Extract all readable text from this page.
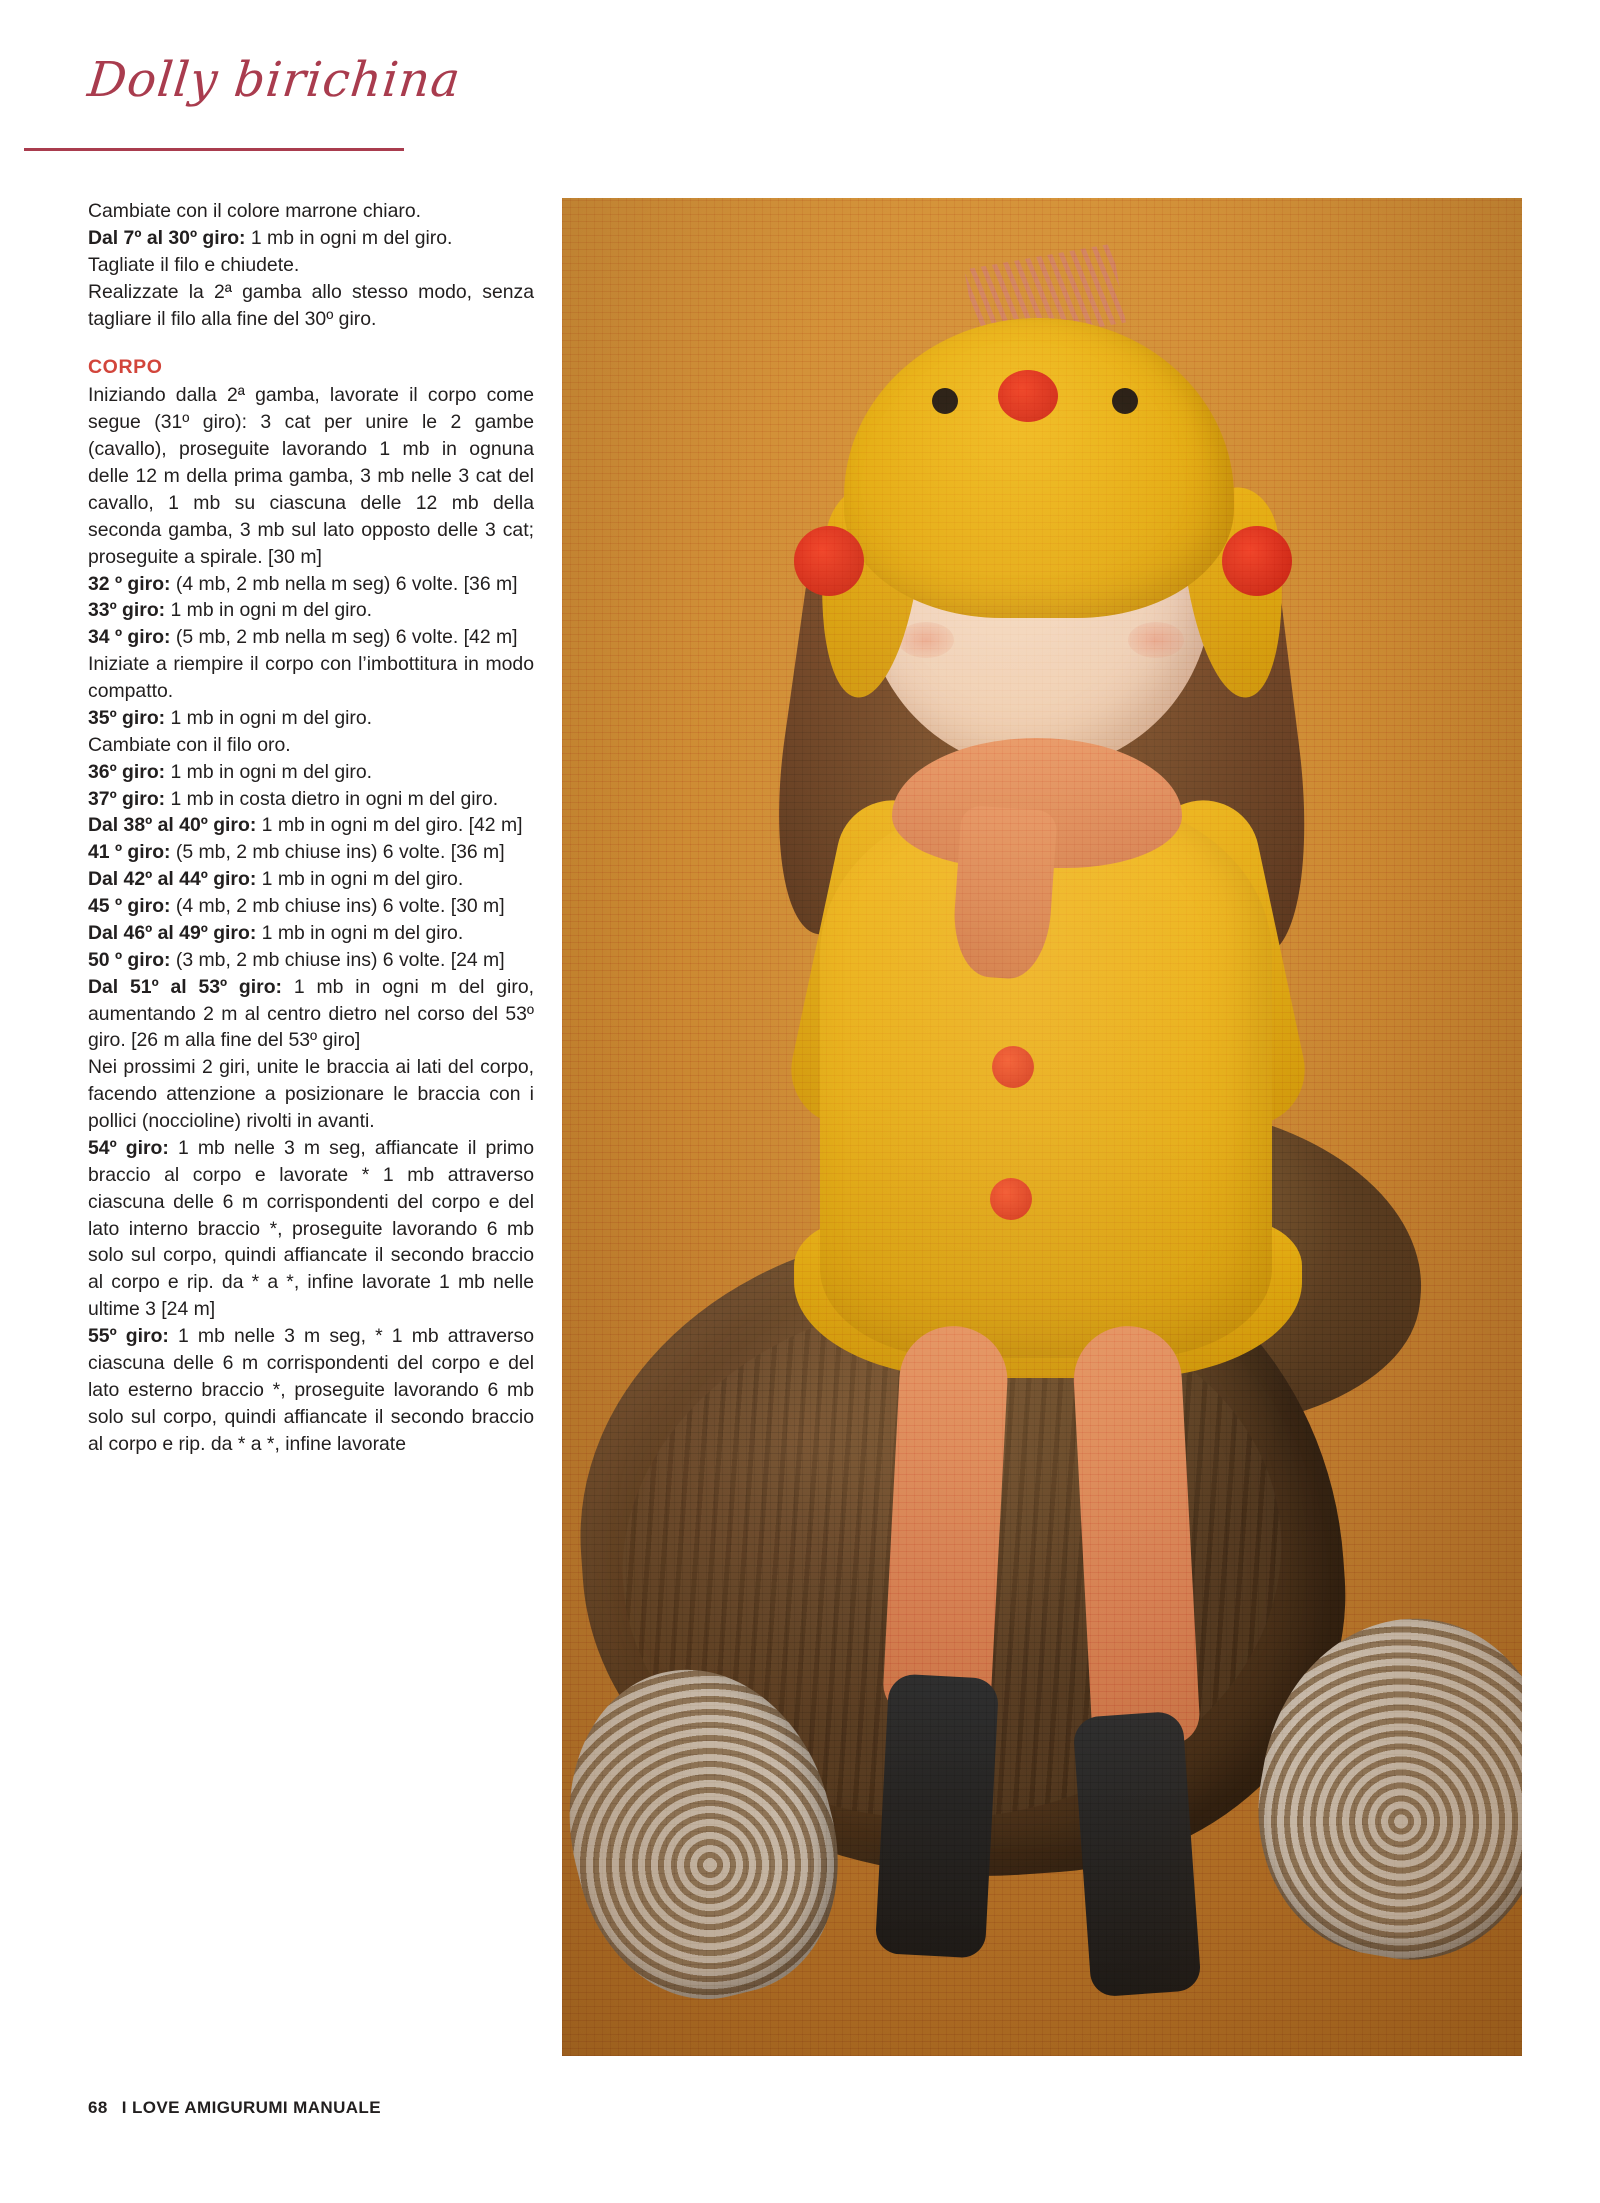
Dolly birichina

Cambiate con il colore marrone chiaro.

Dal 7º al 30º giro: 1 mb in ogni m del giro.

Tagliate il filo e chiudete.

Realizzate la 2ª gamba allo stesso modo, senza tagliare il filo alla fine del 30º giro.

CORPO

Iniziando dalla 2ª gamba, lavorate il corpo come segue (31º giro): 3 cat per unire le 2 gambe (cavallo), proseguite lavorando 1 mb in ognuna delle 12 m della prima gamba, 3 mb nelle 3 cat del cavallo, 1 mb su ciascuna delle 12 mb della seconda gamba, 3 mb sul lato opposto delle 3 cat; proseguite a spirale. [30 m]

32 º giro: (4 mb, 2 mb nella m seg) 6 volte. [36 m]

33º giro: 1 mb in ogni m del giro.

34 º giro: (5 mb, 2 mb nella m seg) 6 volte. [42 m]

Iniziate a riempire il corpo con l’imbottitura in modo compatto.

35º giro: 1 mb in ogni m del giro.

Cambiate con il filo oro.

36º giro: 1 mb in ogni m del giro.

37º giro: 1 mb in costa dietro in ogni m del giro.

Dal 38º al 40º giro: 1 mb in ogni m del giro. [42 m]

41 º giro: (5 mb, 2 mb chiuse ins) 6 volte. [36 m]

Dal 42º al 44º giro: 1 mb in ogni m del giro.

45 º giro: (4 mb, 2 mb chiuse ins) 6 volte. [30 m]

Dal 46º al 49º giro: 1 mb in ogni m del giro.

50 º giro: (3 mb, 2 mb chiuse ins) 6 volte. [24 m]

Dal 51º al 53º giro: 1 mb in ogni m del giro, aumentando 2 m al centro dietro nel corso del 53º giro. [26 m alla fine del 53º giro]

Nei prossimi 2 giri, unite le braccia ai lati del corpo, facendo attenzione a posizionare le braccia con i pollici (noccioline) rivolti in avanti.

54º giro: 1 mb nelle 3 m seg, affiancate il primo braccio al corpo e lavorate * 1 mb attraverso ciascuna delle 6 m corrispondenti del corpo e del lato interno braccio *, proseguite lavorando 6 mb solo sul corpo, quindi affiancate il secondo braccio al corpo e rip. da * a *, infine lavorate 1 mb nelle ultime 3 [24 m]

55º giro: 1 mb nelle 3 m seg, * 1 mb attraverso ciascuna delle 6 m corrispondenti del corpo e del lato esterno braccio *, proseguite lavorando 6 mb solo sul corpo, quindi affiancate il secondo braccio al corpo e rip. da * a *, infine lavorate

68 I LOVE AMIGURUMI MANUALE
